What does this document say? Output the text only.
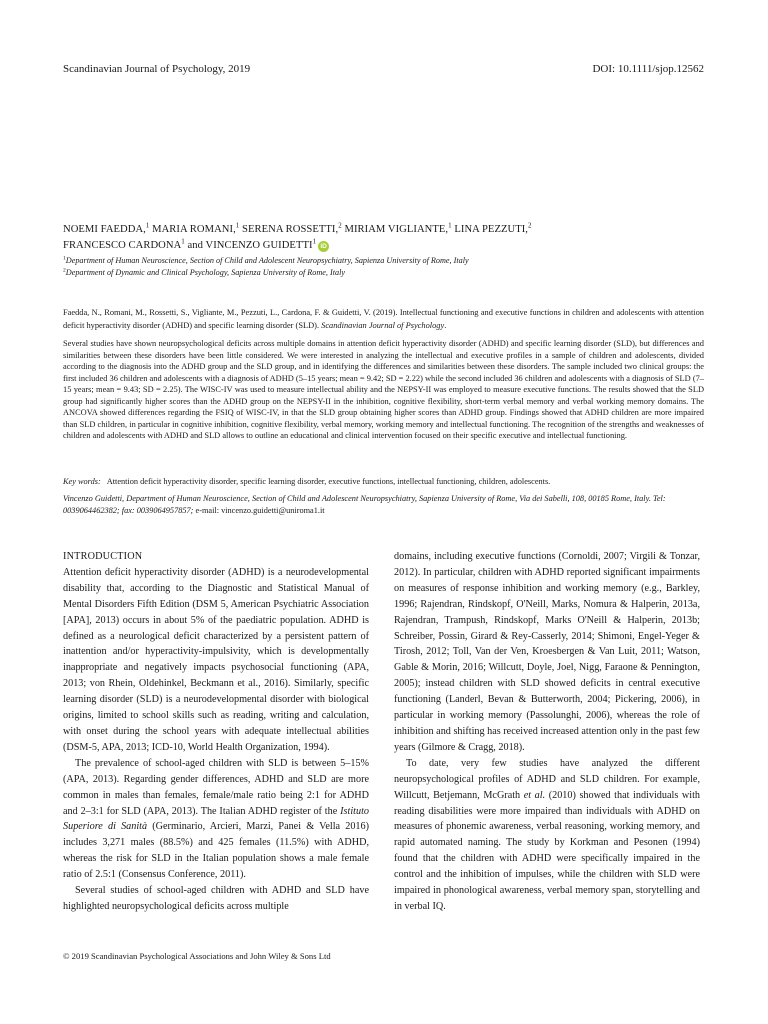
Scandinavian Journal of Psychology, 2019	DOI: 10.1111/sjop.12562
NOEMI FAEDDA,$^1$ MARIA ROMANI,$^1$ SERENA ROSSETTI,$^2$ MIRIAM VIGLIANTE,$^1$ LINA PEZZUTI,$^2$
FRANCESCO CARDONA$^1$ and VINCENZO GUIDETTI$^1$iD
$^1$Department of Human Neuroscience, Section of Child and Adolescent Neuropsychiatry, Sapienza University of Rome, Italy
$^2$Department of Dynamic and Clinical Psychology, Sapienza University of Rome, Italy
Faedda, N., Romani, M., Rossetti, S., Vigliante, M., Pezzuti, L., Cardona, F. & Guidetti, V. (2019). Intellectual functioning and executive functions in children and adolescents with attention deficit hyperactivity disorder (ADHD) and specific learning disorder (SLD). Scandinavian Journal of Psychology.
Several studies have shown neuropsychological deficits across multiple domains in attention deficit hyperactivity disorder (ADHD) and specific learning disorder (SLD), but differences and similarities between these disorders have been little considered. We were interested in analyzing the intellectual and executive profiles in a sample of children and adolescents, divided according to the diagnosis into the ADHD group and the SLD group, and in identifying the differences and similarities between these disorders. The sample included two clinical groups: the first included 36 children and adolescents with a diagnosis of ADHD (5–15 years; mean = 9.42; SD = 2.22) while the second included 36 children and adolescents with a diagnosis of SLD (7–15 years; mean = 9.43; SD = 2.25). The WISC-IV was used to measure intellectual ability and the NEPSY-II was employed to measure executive functions. The results showed that the SLD group had significantly higher scores than the ADHD group on the NEPSY-II in the inhibition, cognitive flexibility, short-term verbal memory and verbal working memory domains. The ANCOVA showed differences regarding the FSIQ of WISC-IV, in that the SLD group obtaining higher scores than ADHD group. Findings showed that ADHD children are more impaired than SLD children, in particular in cognitive inhibition, cognitive flexibility, verbal memory, working memory and intellectual functioning. The recognition of the strengths and weaknesses of children and adolescents with ADHD and SLD allows to outline an educational and clinical intervention focused on their specific executive and intellectual functioning.
Key words: Attention deficit hyperactivity disorder, specific learning disorder, executive functions, intellectual functioning, children, adolescents.
Vincenzo Guidetti, Department of Human Neuroscience, Section of Child and Adolescent Neuropsychiatry, Sapienza University of Rome, Via dei Sabelli, 108, 00185 Rome, Italy. Tel: 0039064462382; fax: 0039064957857; e-mail: vincenzo.guidetti@uniroma1.it
INTRODUCTION

Attention deficit hyperactivity disorder (ADHD) is a neurodevelopmental disability that, according to the Diagnostic and Statistical Manual of Mental Disorders Fifth Edition (DSM 5, American Psychiatric Association [APA], 2013) occurs in about 5% of the paediatric population. ADHD is defined as a neurological deficit characterized by a persistent pattern of inattention and/or hyperactivity-impulsivity, which is developmentally inappropriate and negatively impacts psychosocial functioning (APA, 2013; von Rhein, Oldehinkel, Beckmann et al., 2016). Similarly, specific learning disorder (SLD) is a neurodevelopmental disorder with biological origins, limited to school skills such as reading, writing and calculation, with onset during the school years with adequate intellectual abilities (DSM-5, APA, 2013; ICD-10, World Health Organization, 1994).

The prevalence of school-aged children with SLD is between 5–15% (APA, 2013). Regarding gender differences, ADHD and SLD are more common in males than females, female/male ratio being 2:1 for ADHD and 2–3:1 for SLD (APA, 2013). The Italian ADHD register of the Istituto Superiore di Sanità (Germinario, Arcieri, Marzi, Panei & Vella 2016) includes 3,271 males (88.5%) and 425 females (11.5%) with ADHD, whereas the risk for SLD in the Italian population shows a male female ratio of 2.5:1 (Consensus Conference, 2011).

Several studies of school-aged children with ADHD and SLD have highlighted neuropsychological deficits across multiple

domains, including executive functions (Cornoldi, 2007; Virgili & Tonzar, 2012). In particular, children with ADHD reported significant impairments on measures of response inhibition and working memory (e.g., Barkley, 1996; Rajendran, Rindskopf, O'Neill, Marks, Nomura & Halperin, 2013a, Rajendran, Trampush, Rindskopf, Marks O'Neill & Halperin, 2013b; Schreiber, Possin, Girard & Rey-Casserly, 2014; Shimoni, Engel-Yeger & Tirosh, 2012; Toll, Van der Ven, Kroesbergen & Van Luit, 2011; Watson, Gable & Morin, 2016; Willcutt, Doyle, Joel, Nigg, Faraone & Pennington, 2005); instead children with SLD showed deficits in central executive functioning (Landerl, Bevan & Butterworth, 2004; Pickering, 2006), in particular in working memory (Passolunghi, 2006), whereas the role of inhibition and shifting has received increased attention only in the past few years (Gilmore & Cragg, 2018).

To date, very few studies have analyzed the different neuropsychological profiles of ADHD and SLD children. For example, Willcutt, Betjemann, McGrath et al. (2010) showed that individuals with reading disabilities were more impaired than individuals with ADHD on measures of phonemic awareness, verbal reasoning, working memory, and rapid automated naming. The study by Korkman and Pesonen (1994) found that the children with ADHD were specifically impaired in the control and the inhibition of impulses, while the children with SLD were impaired in phonological awareness, verbal memory span, storytelling and in verbal IQ.

© 2019 Scandinavian Psychological Associations and John Wiley & Sons Ltd
